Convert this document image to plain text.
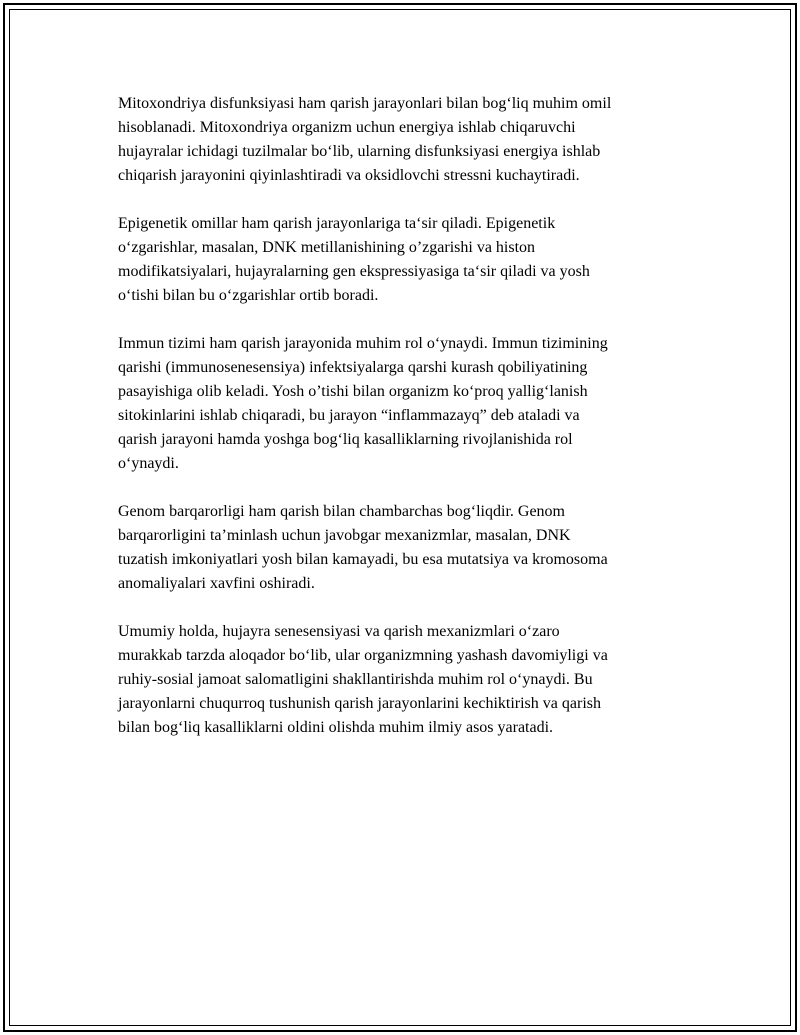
Mitoxondriya disfunksiyasi ham qarish jarayonlari bilan bog‘liq muhim omil
hisoblanadi. Mitoxondriya organizm uchun energiya ishlab chiqaruvchi
hujayralar ichidagi tuzilmalar bo‘lib, ularning disfunksiyasi energiya ishlab
chiqarish jarayonini qiyinlashtiradi va oksidlovchi stressni kuchaytiradi.

Epigenetik omillar ham qarish jarayonlariga ta‘sir qiladi. Epigenetik
o‘zgarishlar, masalan, DNK metillanishining o’zgarishi va histon
modifikatsiyalari, hujayralarning gen ekspressiyasiga ta‘sir qiladi va yosh
o‘tishi bilan bu o‘zgarishlar ortib boradi.

Immun tizimi ham qarish jarayonida muhim rol o‘ynaydi. Immun tizimining
qarishi (immunosenesensiya) infektsiyalarga qarshi kurash qobiliyatining
pasayishiga olib keladi. Yosh o’tishi bilan organizm ko‘proq yallig‘lanish
sitokinlarini ishlab chiqaradi, bu jarayon “inflammazayq” deb ataladi va
qarish jarayoni hamda yoshga bog‘liq kasalliklarning rivojlanishida rol
o‘ynaydi.

Genom barqarorligi ham qarish bilan chambarchas bog‘liqdir. Genom
barqarorligini ta’minlash uchun javobgar mexanizmlar, masalan, DNK
tuzatish imkoniyatlari yosh bilan kamayadi, bu esa mutatsiya va kromosoma
anomaliyalari xavfini oshiradi.

Umumiy holda, hujayra senesensiyasi va qarish mexanizmlari o‘zaro
murakkab tarzda aloqador bo‘lib, ular organizmning yashash davomiyligi va
ruhiy-sosial jamoat salomatligini shakllantirishda muhim rol o‘ynaydi. Bu
jarayonlarni chuqurroq tushunish qarish jarayonlarini kechiktirish va qarish
bilan bog‘liq kasalliklarni oldini olishda muhim ilmiy asos yaratadi.
